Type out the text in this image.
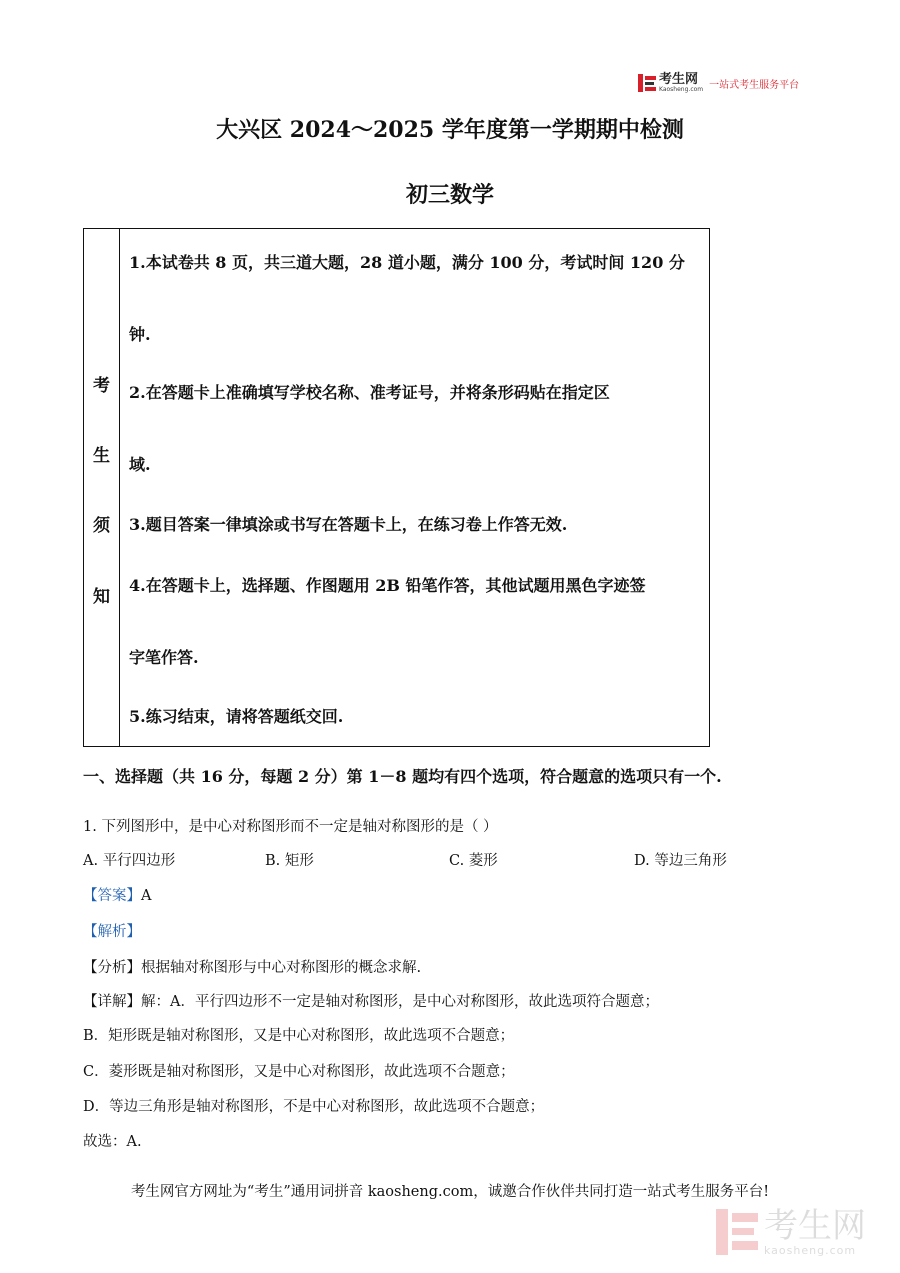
考生网
Kaosheng.com 一站式考生服务平台
大兴区 2024～2025 学年度第一学期期中检测
初三数学
考
生
须
知
1.本试卷共 8 页，共三道大题，28 道小题，满分 100 分，考试时间 120 分
钟.
2.在答题卡上准确填写学校名称、准考证号，并将条形码贴在指定区
域.
3.题目答案一律填涂或书写在答题卡上，在练习卷上作答无效.
4.在答题卡上，选择题、作图题用 2B 铅笔作答，其他试题用黑色字迹签
字笔作答.
5.练习结束，请将答题纸交回.
一、选择题（共 16 分，每题 2 分）第 1－8 题均有四个选项，符合题意的选项只有一个.
1. 下列图形中，是中心对称图形而不一定是轴对称图形的是（ ）
A. 平行四边形	B. 矩形	C. 菱形	D. 等边三角形
【答案】A
【解析】
【分析】根据轴对称图形与中心对称图形的概念求解.
【详解】解：A．平行四边形不一定是轴对称图形，是中心对称图形，故此选项符合题意；
B．矩形既是轴对称图形，又是中心对称图形，故此选项不合题意；
C．菱形既是轴对称图形，又是中心对称图形，故此选项不合题意；
D．等边三角形是轴对称图形，不是中心对称图形，故此选项不合题意；
故选：A.
考生网官方网址为“考生”通用词拼音 kaosheng.com，诚邀合作伙伴共同打造一站式考生服务平台!
考生网
kaosheng.com
